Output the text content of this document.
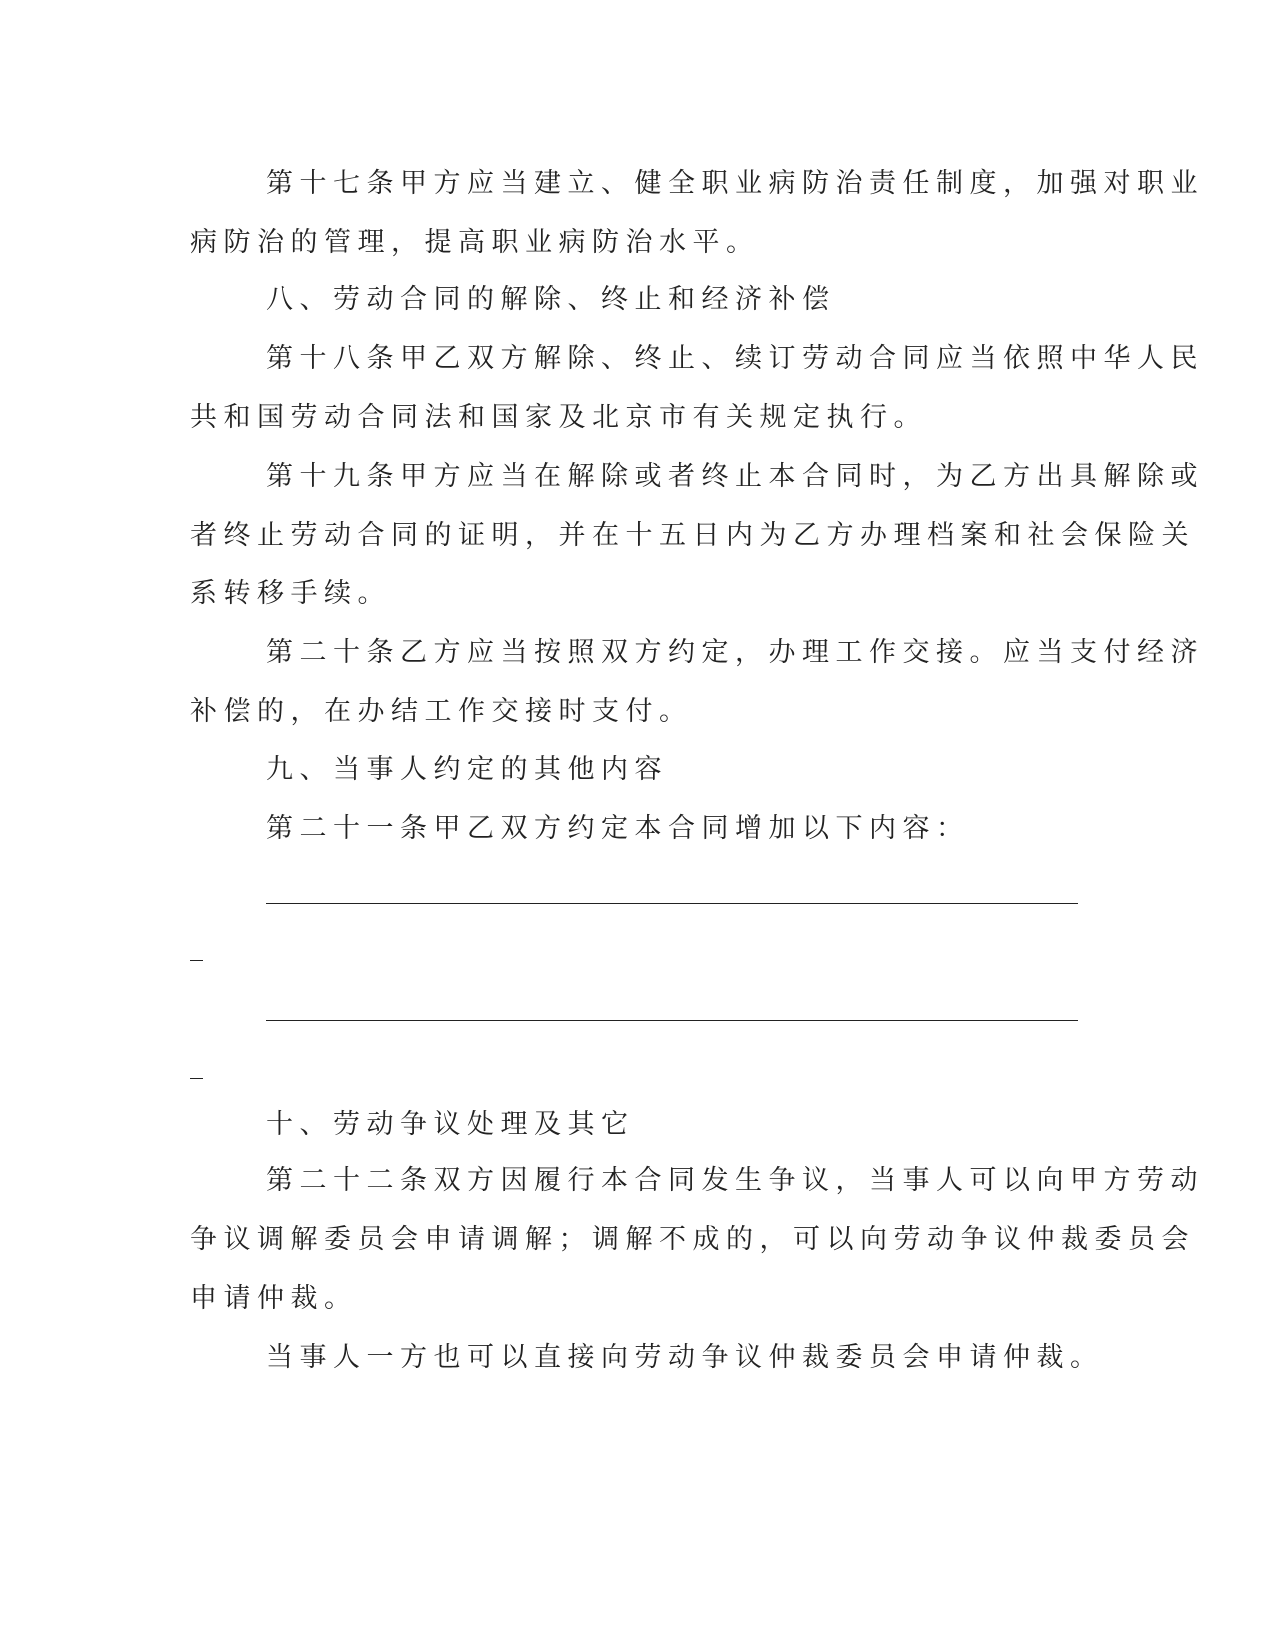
第十七条甲方应当建立、健全职业病防治责任制度，加强对职业
病防治的管理，提高职业病防治水平。
八、劳动合同的解除、终止和经济补偿
第十八条甲乙双方解除、终止、续订劳动合同应当依照中华人民
共和国劳动合同法和国家及北京市有关规定执行。
第十九条甲方应当在解除或者终止本合同时，为乙方出具解除或
者终止劳动合同的证明，并在十五日内为乙方办理档案和社会保险关
系转移手续。
第二十条乙方应当按照双方约定，办理工作交接。应当支付经济
补偿的，在办结工作交接时支付。
九、当事人约定的其他内容
第二十一条甲乙双方约定本合同增加以下内容：
十、劳动争议处理及其它
第二十二条双方因履行本合同发生争议，当事人可以向甲方劳动
争议调解委员会申请调解；调解不成的，可以向劳动争议仲裁委员会
申请仲裁。
当事人一方也可以直接向劳动争议仲裁委员会申请仲裁。
